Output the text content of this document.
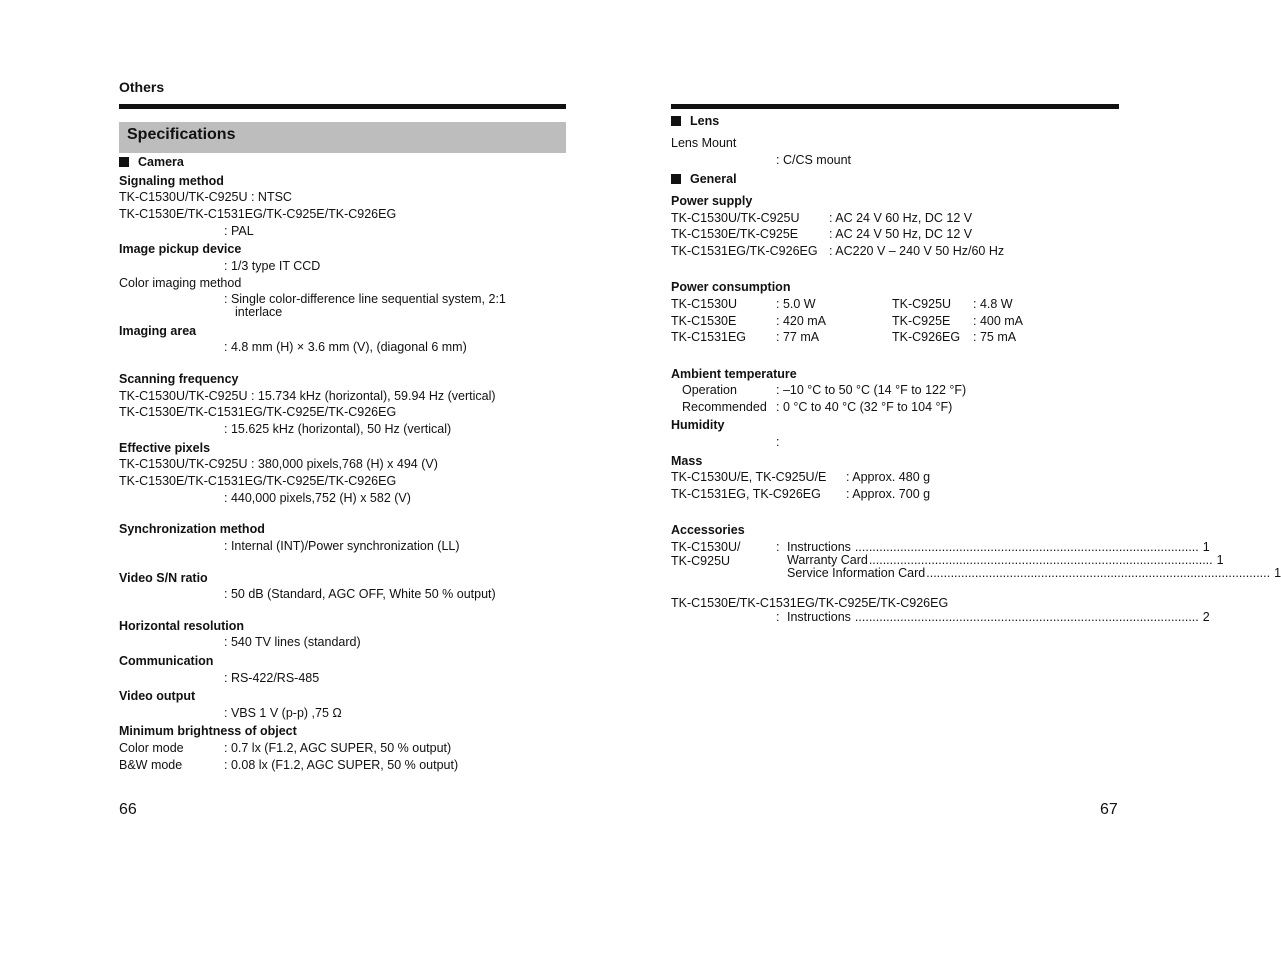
Others
Specifications
Camera
Signaling method
TK-C1530U/TK-C925U : NTSC
TK-C1530E/TK-C1531EG/TK-C925E/TK-C926EG
: PAL
Image pickup device
: 1/3 type IT CCD
Color imaging method
: Single color-difference line sequential system, 2:1
interlace
Imaging area
: 4.8 mm (H) × 3.6 mm (V), (diagonal 6 mm)
Scanning frequency
TK-C1530U/TK-C925U : 15.734 kHz (horizontal), 59.94 Hz (vertical)
TK-C1530E/TK-C1531EG/TK-C925E/TK-C926EG
: 15.625 kHz (horizontal), 50 Hz (vertical)
Effective pixels
TK-C1530U/TK-C925U : 380,000 pixels,768 (H) x 494 (V)
TK-C1530E/TK-C1531EG/TK-C925E/TK-C926EG
: 440,000 pixels,752 (H) x 582 (V)
Synchronization method
: Internal (INT)/Power synchronization (LL)
Video S/N ratio
: 50 dB (Standard, AGC OFF, White 50 % output)
Horizontal resolution
: 540 TV lines (standard)
Communication
: RS-422/RS-485
Video output
: VBS 1 V (p-p) ,75 Ω
Minimum brightness of object
Color mode	: 0.7 lx (F1.2, AGC SUPER, 50 % output)
B&W mode	: 0.08 lx (F1.2, AGC SUPER, 50 % output)
66
Lens
Lens Mount
: C/CS mount
General
Power supply
TK-C1530U/TK-C925U : AC 24 V 60 Hz, DC 12 V
TK-C1530E/TK-C925E : AC 24 V 50 Hz, DC 12 V
TK-C1531EG/TK-C926EG : AC220 V – 240 V 50 Hz/60 Hz
Power consumption
TK-C1530U	: 5.0 W	TK-C925U : 4.8 W
TK-C1530E	: 420 mA	TK-C925E : 400 mA
TK-C1531EG : 77 mA	TK-C926EG : 75 mA
Ambient temperature
Operation	: –10 °C to 50 °C (14 °F to 122 °F)
Recommended : 0 °C to 40 °C (32 °F to 104 °F)
Humidity
:
Mass
TK-C1530U/E, TK-C925U/E : Approx. 480 g
TK-C1531EG, TK-C926EG : Approx. 700 g
Accessories
TK-C1530U/
TK-C925U
: Instructions ................................................................................................... 1
Warranty Card ................................................................................................... 1
Service Information Card ................................................................................................... 1
TK-C1530E/TK-C1531EG/TK-C925E/TK-C926EG
: Instructions ................................................................................................... 2
67
